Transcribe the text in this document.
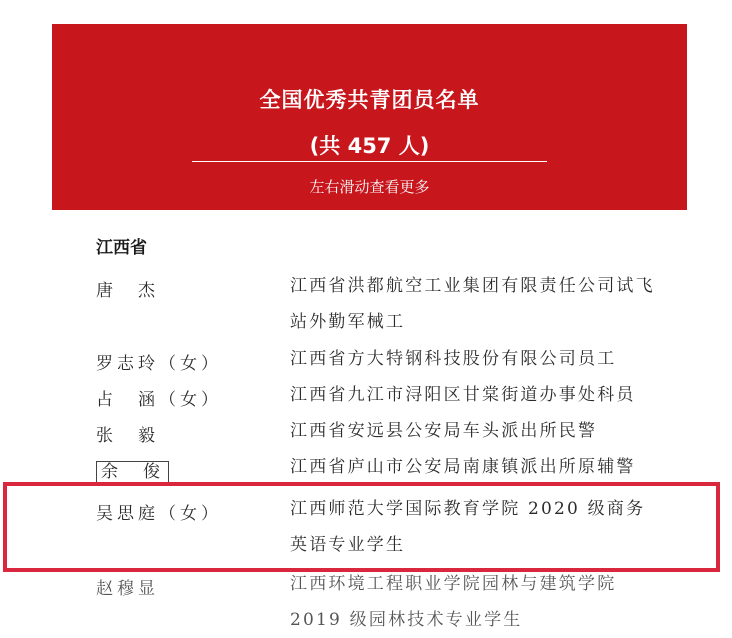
全国优秀共青团员名单
(共 457 人)
左右滑动查看更多
江西省
唐　杰	江西省洪都航空工业集团有限责任公司试飞站外勤军械工
罗志玲（女）	江西省方大特钢科技股份有限公司员工
占　涵（女）	江西省九江市浔阳区甘棠街道办事处科员
张　毅	江西省安远县公安局车头派出所民警
余　俊	江西省庐山市公安局南康镇派出所原辅警
吴思庭（女）	江西师范大学国际教育学院 2020 级商务英语专业学生
赵穆显	江西环境工程职业学院园林与建筑学院2019 级园林技术专业学生
